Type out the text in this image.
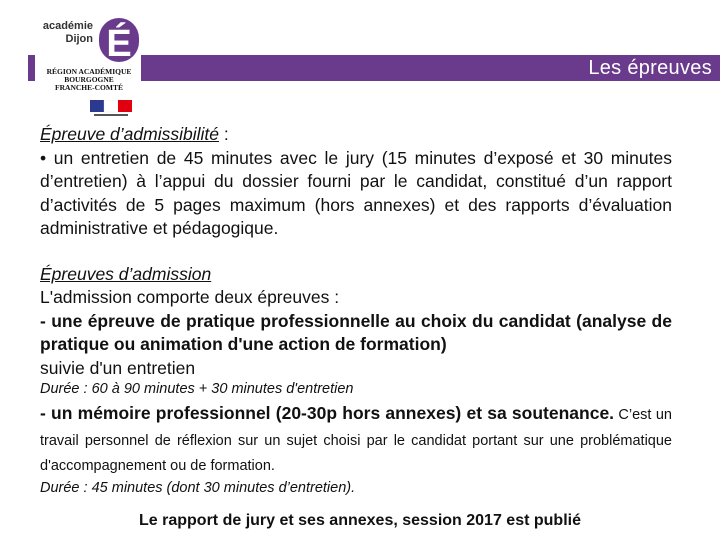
Les épreuves
académie
Dijon É
RÉGION ACADÉMIQUE
BOURGOGNE
FRANCHE-COMTÉ

Épreuve d’admissibilité :

• un entretien de 45 minutes avec le jury (15 minutes d’exposé et 30 minutes d’entretien) à l’appui du dossier fourni par le candidat, constitué d’un rapport d’activités de 5 pages maximum (hors annexes) et des rapports d’évaluation administrative et pédagogique.

Épreuves d’admission

L'admission comporte deux épreuves :

- une épreuve de pratique professionnelle au choix du candidat (analyse de pratique ou animation d'une action de formation)

suivie d'un entretien

Durée : 60 à 90 minutes + 30 minutes d'entretien

- un mémoire professionnel (20-30p hors annexes) et sa soutenance. C’est un travail personnel de réflexion sur un sujet choisi par le candidat portant sur une problématique d'accompagnement ou de formation.

Durée : 45 minutes (dont 30 minutes d’entretien).

Le rapport de jury et ses annexes, session 2017 est publié
